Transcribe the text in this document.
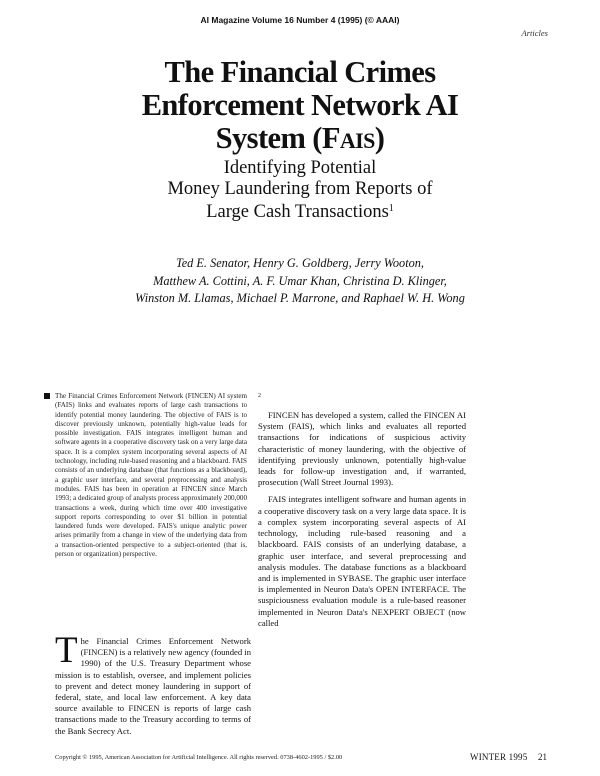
AI Magazine Volume 16 Number 4 (1995) (© AAAI)
Articles
The Financial Crimes
Enforcement Network AI
System (FAIS)
Identifying Potential
Money Laundering from Reports of
Large Cash Transactions$^1$
Ted E. Senator, Henry G. Goldberg, Jerry Wooton,
Matthew A. Cottini, A. F. Umar Khan, Christina D. Klinger,
Winston M. Llamas, Michael P. Marrone, and Raphael W. H. Wong
The Financial Crimes Enforcement Network (FINCEN) AI system (FAIS) links and evaluates reports of large cash transactions to identify potential money laundering. The objective of FAIS is to discover previously unknown, potentially high-value leads for possible investigation. FAIS integrates intelligent human and software agents in a cooperative discovery task on a very large data space. It is a complex system incorporating several aspects of AI technology, including rule-based reasoning and a blackboard. FAIS consists of an underlying database (that functions as a blackboard), a graphic user interface, and several preprocessing and analysis modules. FAIS has been in operation at FINCEN since March 1993; a dedicated group of analysts process approximately 200,000 transactions a week, during which time over 400 investigative support reports corresponding to over $1 billion in potential laundered funds were developed. FAIS's unique analytic power arises primarily from a change in view of the underlying data from a transaction-oriented perspective to a subject-oriented (that is, person or organization) perspective.
The Financial Crimes Enforcement Network (FINCEN) is a relatively new agency (founded in 1990) of the U.S. Treasury Department whose mission is to establish, oversee, and implement policies to prevent and detect money laundering in support of federal, state, and local law enforcement. A key data source available to FINCEN is reports of large cash transactions made to the Treasury according to terms of the Bank Secrecy Act.

$^2$

FINCEN has developed a system, called the FINCEN AI System (FAIS), which links and evaluates all reported transactions for indications of suspicious activity characteristic of money laundering, with the objective of identifying previously unknown, potentially high-value leads for follow-up investigation and, if warranted, prosecution (Wall Street Journal 1993).

FAIS integrates intelligent software and human agents in a cooperative discovery task on a very large data space. It is a complex system incorporating several aspects of AI technology, including rule-based reasoning and a blackboard. FAIS consists of an underlying database, a graphic user interface, and several preprocessing and analysis modules. The database functions as a blackboard and is implemented in SYBASE. The graphic user interface is implemented in Neuron Data's OPEN INTERFACE. The suspiciousness evaluation module is a rule-based reasoner implemented in Neuron Data's NEXPERT OBJECT (now called

Copyright © 1995, American Association for Artificial Intelligence. All rights reserved. 0738-4602-1995 / $2.00	WINTER 1995 21
